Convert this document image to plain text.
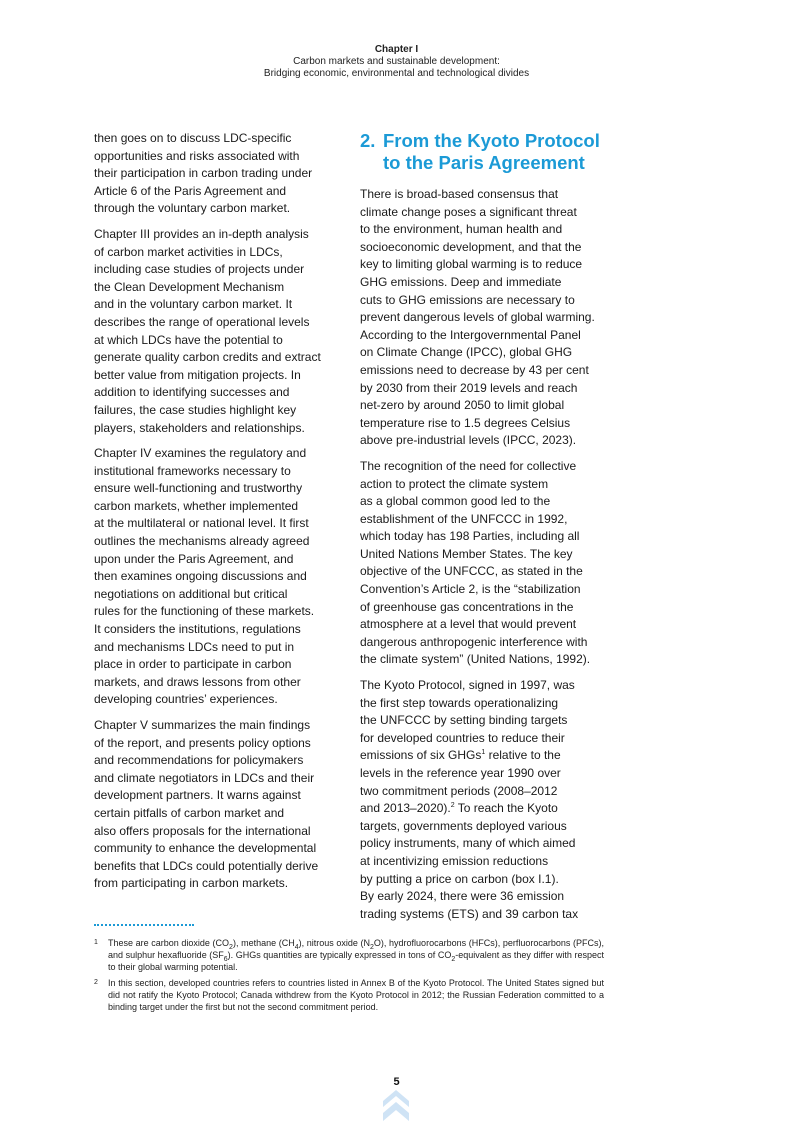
Chapter I
Carbon markets and sustainable development:
Bridging economic, environmental and technological divides

then goes on to discuss LDC-specific
opportunities and risks associated with
their participation in carbon trading under
Article 6 of the Paris Agreement and
through the voluntary carbon market.

Chapter III provides an in-depth analysis
of carbon market activities in LDCs,
including case studies of projects under
the Clean Development Mechanism
and in the voluntary carbon market. It
describes the range of operational levels
at which LDCs have the potential to
generate quality carbon credits and extract
better value from mitigation projects. In
addition to identifying successes and
failures, the case studies highlight key
players, stakeholders and relationships.

Chapter IV examines the regulatory and
institutional frameworks necessary to
ensure well-functioning and trustworthy
carbon markets, whether implemented
at the multilateral or national level. It first
outlines the mechanisms already agreed
upon under the Paris Agreement, and
then examines ongoing discussions and
negotiations on additional but critical
rules for the functioning of these markets.
It considers the institutions, regulations
and mechanisms LDCs need to put in
place in order to participate in carbon
markets, and draws lessons from other
developing countries’ experiences.

Chapter V summarizes the main findings
of the report, and presents policy options
and recommendations for policymakers
and climate negotiators in LDCs and their
development partners. It warns against
certain pitfalls of carbon market and
also offers proposals for the international
community to enhance the developmental
benefits that LDCs could potentially derive
from participating in carbon markets.

2. From the Kyoto Protocol
to the Paris Agreement

There is broad-based consensus that
climate change poses a significant threat
to the environment, human health and
socioeconomic development, and that the
key to limiting global warming is to reduce
GHG emissions. Deep and immediate
cuts to GHG emissions are necessary to
prevent dangerous levels of global warming.
According to the Intergovernmental Panel
on Climate Change (IPCC), global GHG
emissions need to decrease by 43 per cent
by 2030 from their 2019 levels and reach
net-zero by around 2050 to limit global
temperature rise to 1.5 degrees Celsius
above pre-industrial levels (IPCC, 2023).

The recognition of the need for collective
action to protect the climate system
as a global common good led to the
establishment of the UNFCCC in 1992,
which today has 198 Parties, including all
United Nations Member States. The key
objective of the UNFCCC, as stated in the
Convention’s Article 2, is the “stabilization
of greenhouse gas concentrations in the
atmosphere at a level that would prevent
dangerous anthropogenic interference with
the climate system” (United Nations, 1992).

The Kyoto Protocol, signed in 1997, was
the first step towards operationalizing
the UNFCCC by setting binding targets
for developed countries to reduce their
emissions of six GHGs$^1$ relative to the
levels in the reference year 1990 over
two commitment periods (2008–2012
and 2013–2020).$^2$ To reach the Kyoto
targets, governments deployed various
policy instruments, many of which aimed
at incentivizing emission reductions
by putting a price on carbon (box I.1).
By early 2024, there were 36 emission
trading systems (ETS) and 39 carbon tax

1	These are carbon dioxide $(CO_2)$, methane $(CH_4)$, nitrous oxide $(N_2O)$, hydrofluorocarbons (HFCs), perfluorocarbons (PFCs), and sulphur hexafluoride $(SF_6)$. GHGs quantities are typically expressed in tons of $CO_2$-equivalent as they differ with respect to their global warming potential.
2	In this section, developed countries refers to countries listed in Annex B of the Kyoto Protocol. The United States signed but did not ratify the Kyoto Protocol; Canada withdrew from the Kyoto Protocol in 2012; the Russian Federation committed to a binding target under the first but not the second commitment period.
5
